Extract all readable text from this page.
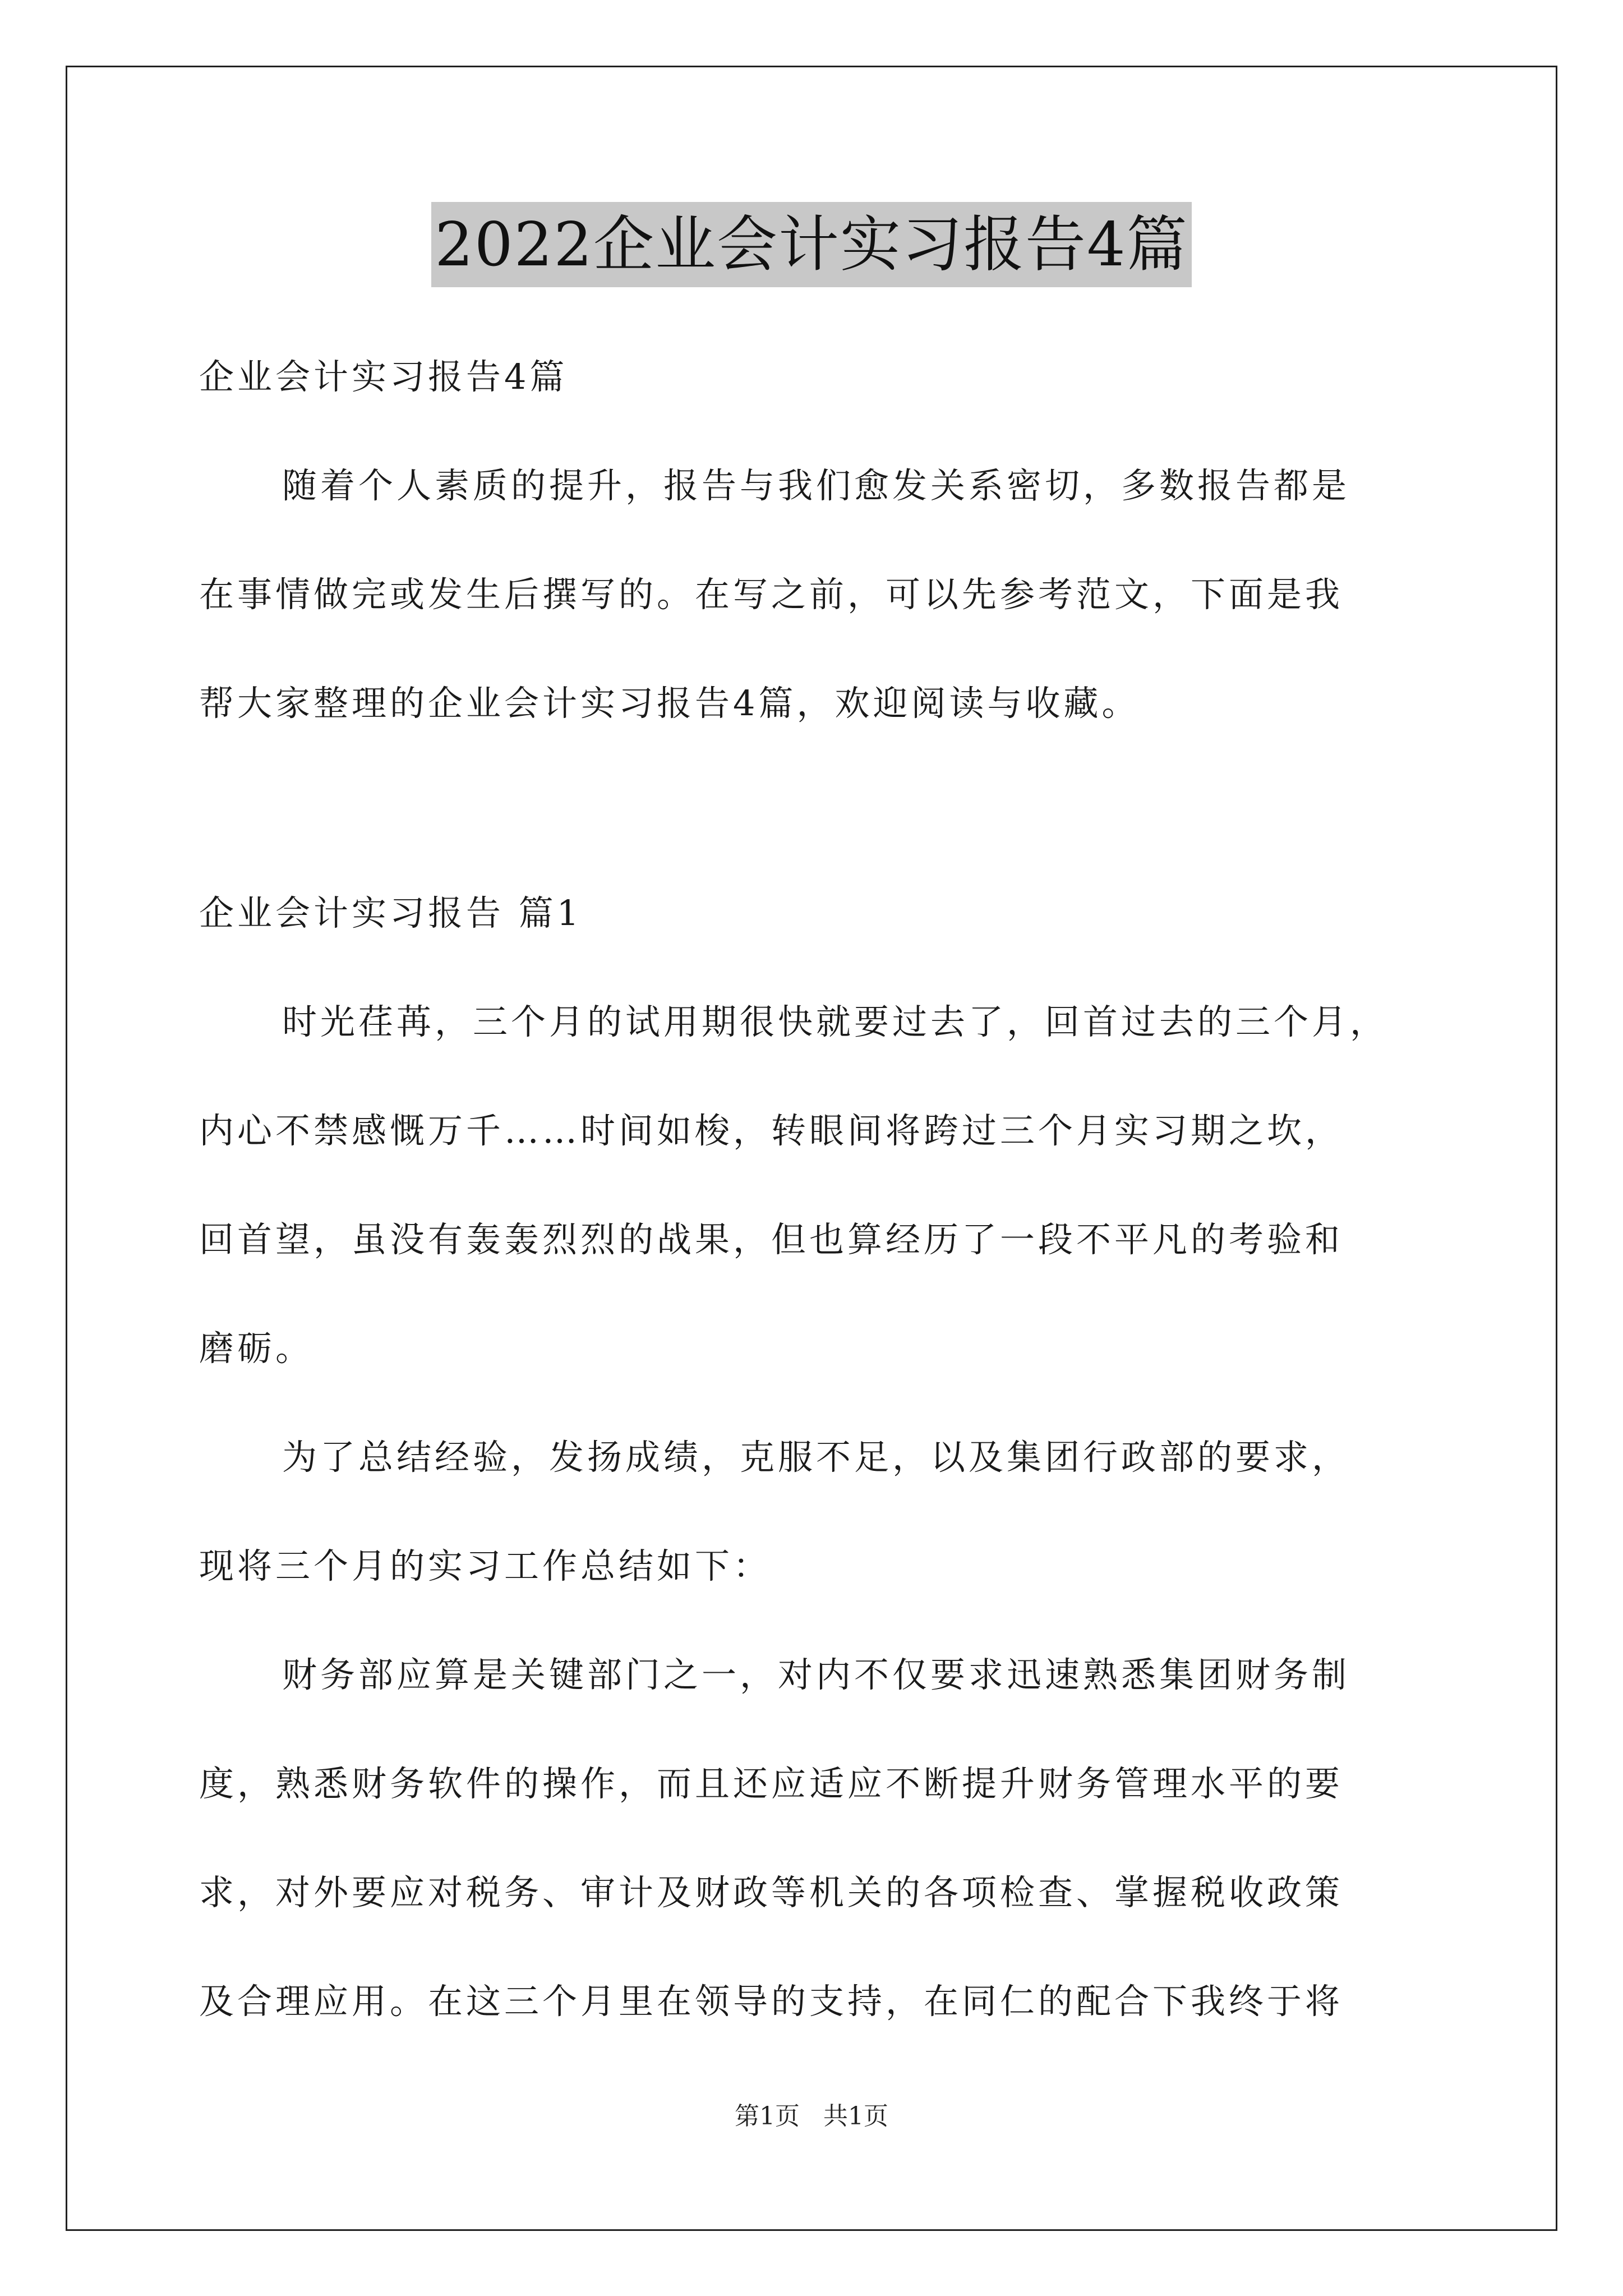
2022企业会计实习报告4篇
企业会计实习报告4篇
随着个人素质的提升，报告与我们愈发关系密切，多数报告都是
在事情做完或发生后撰写的。在写之前，可以先参考范文，下面是我
帮大家整理的企业会计实习报告4篇，欢迎阅读与收藏。
企业会计实习报告 篇1
时光荏苒，三个月的试用期很快就要过去了，回首过去的三个月，
内心不禁感慨万千……时间如梭，转眼间将跨过三个月实习期之坎，
回首望，虽没有轰轰烈烈的战果，但也算经历了一段不平凡的考验和
磨砺。
为了总结经验，发扬成绩，克服不足，以及集团行政部的要求，
现将三个月的实习工作总结如下：
财务部应算是关键部门之一，对内不仅要求迅速熟悉集团财务制
度，熟悉财务软件的操作，而且还应适应不断提升财务管理水平的要
求，对外要应对税务、审计及财政等机关的各项检查、掌握税收政策
及合理应用。在这三个月里在领导的支持，在同仁的配合下我终于将
第1页 共1页
